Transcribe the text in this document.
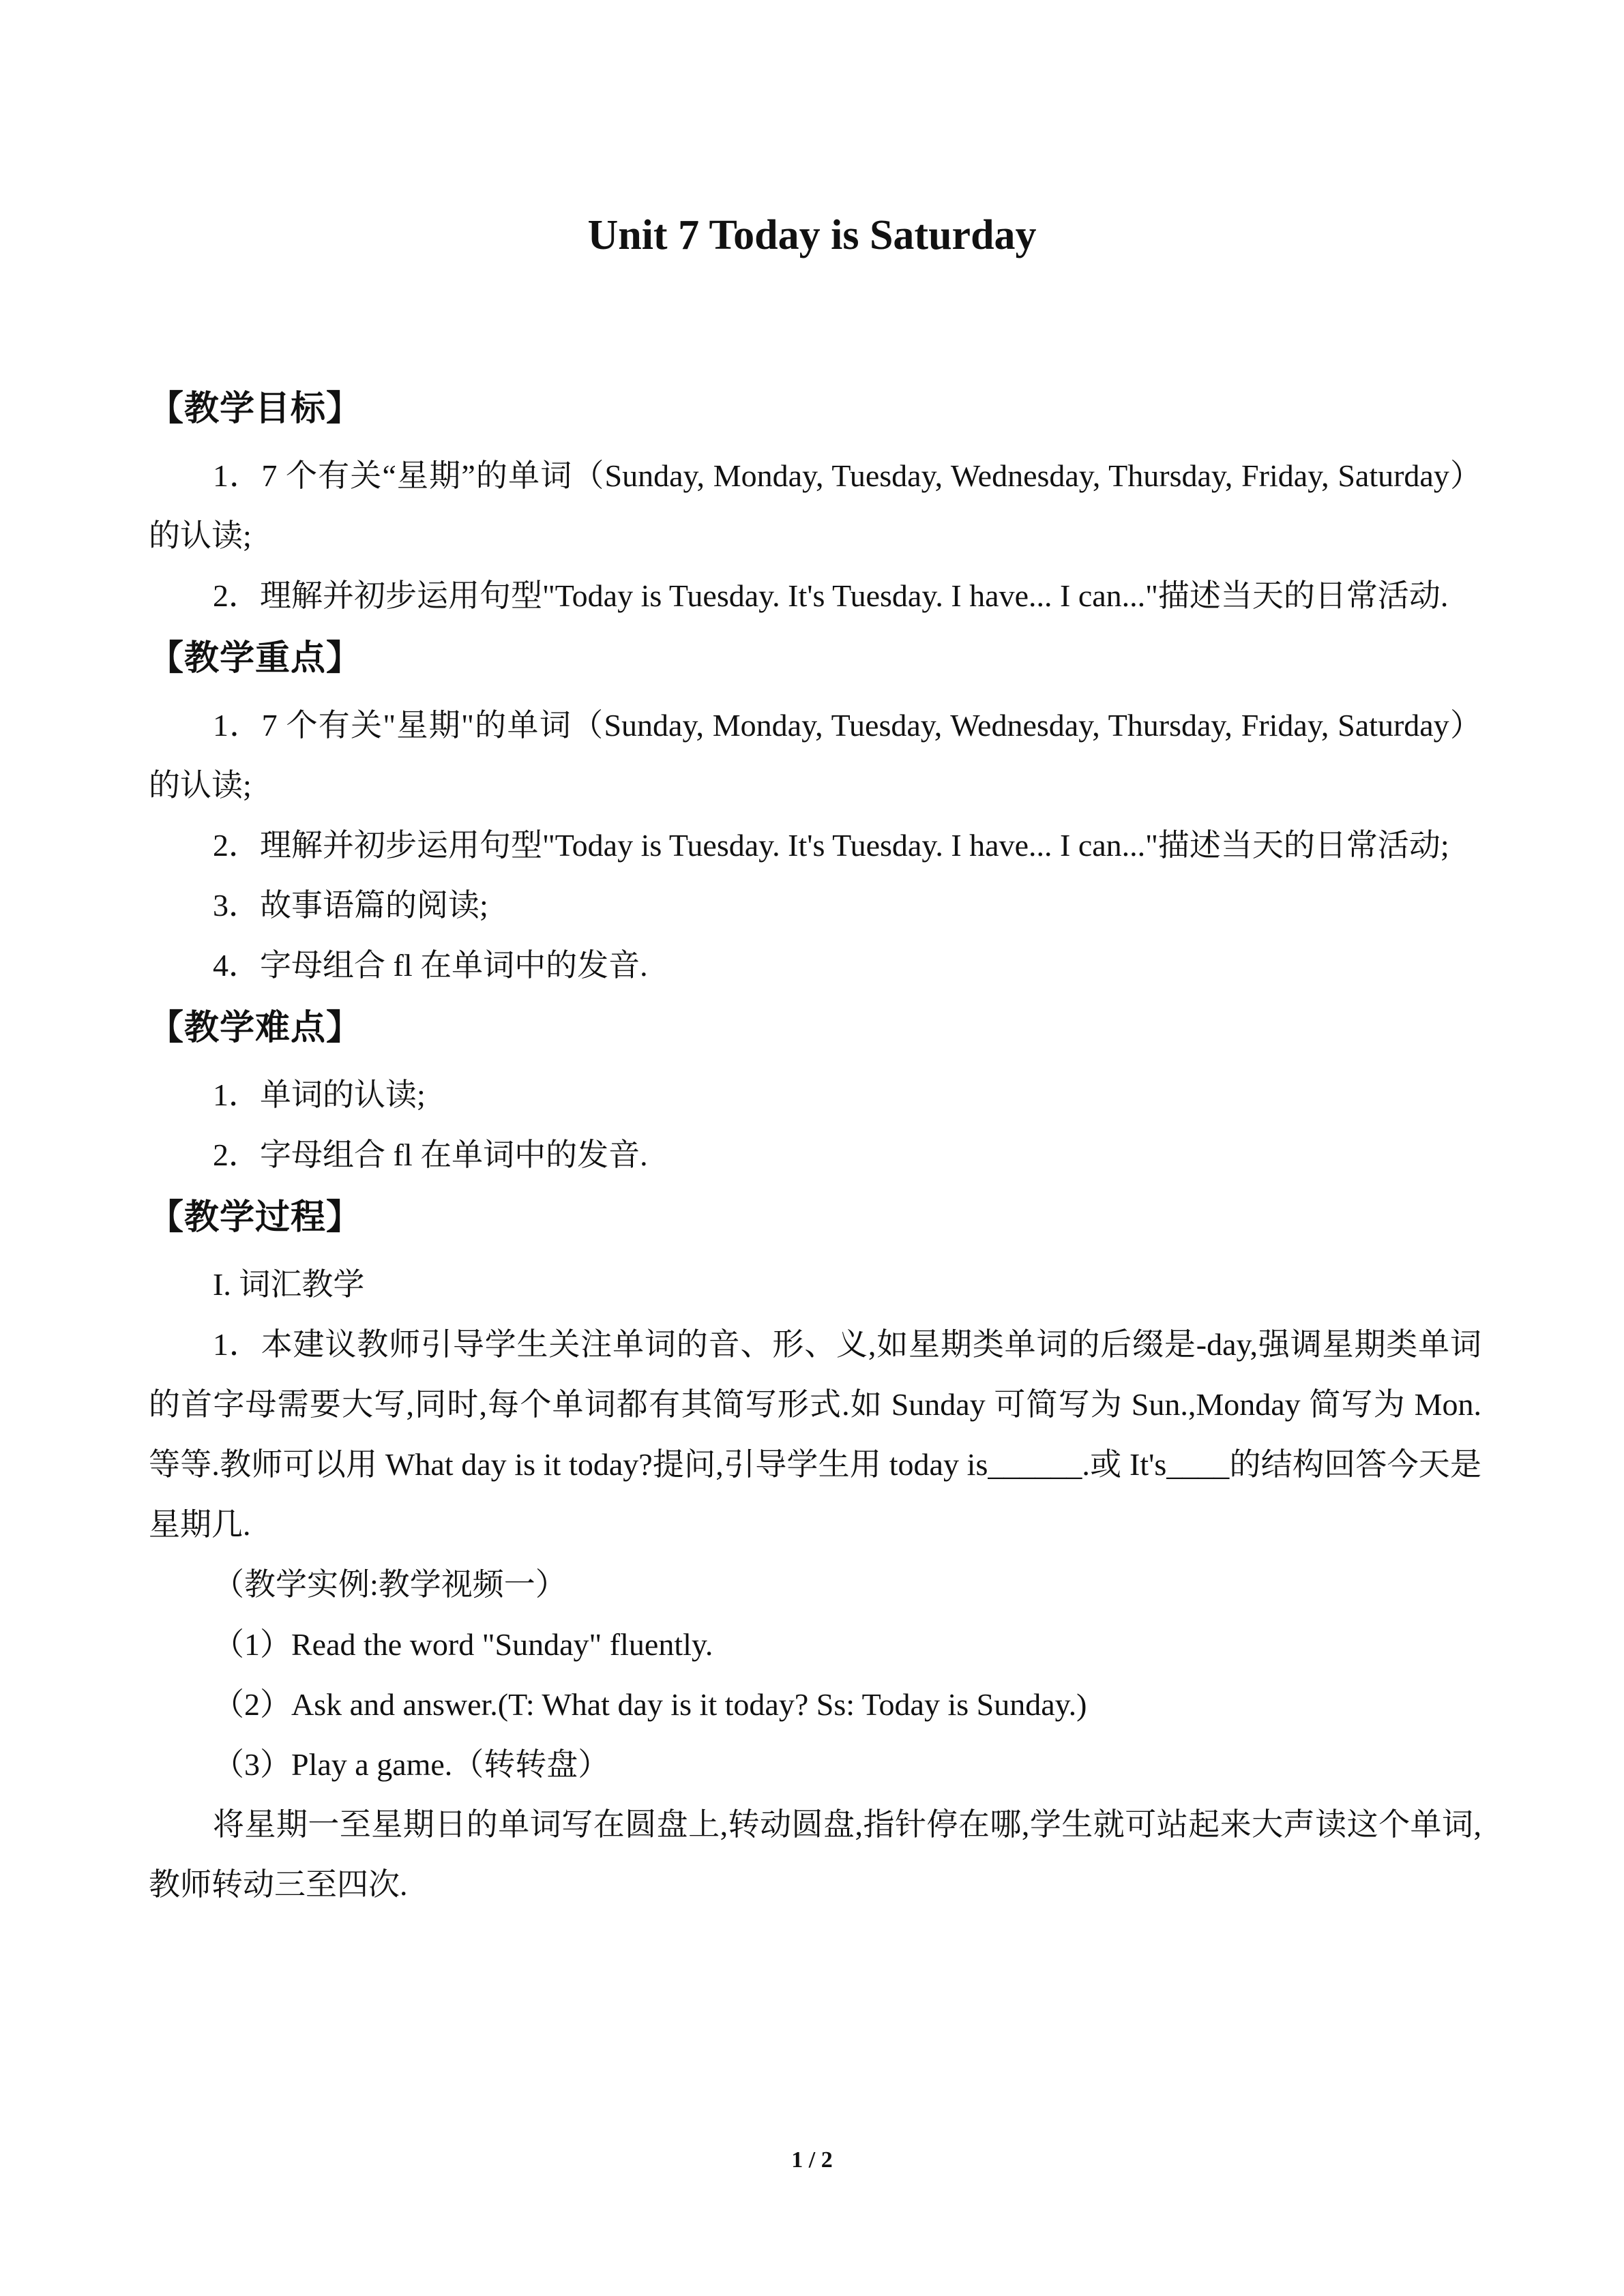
Unit 7 Today is Saturday
【教学目标】

1．7 个有关“星期”的单词（Sunday, Monday, Tuesday, Wednesday, Thursday, Friday, Saturday）的认读;

2．理解并初步运用句型"Today is Tuesday. It's Tuesday. I have... I can..."描述当天的日常活动.

【教学重点】

1．7 个有关"星期"的单词（Sunday, Monday, Tuesday, Wednesday, Thursday, Friday, Saturday）的认读;

2．理解并初步运用句型"Today is Tuesday. It's Tuesday. I have... I can..."描述当天的日常活动;

3．故事语篇的阅读;

4．字母组合 fl 在单词中的发音.

【教学难点】

1．单词的认读;

2．字母组合 fl 在单词中的发音.

【教学过程】

I. 词汇教学

1．本建议教师引导学生关注单词的音、形、义,如星期类单词的后缀是-day,强调星期类单词的首字母需要大写,同时,每个单词都有其简写形式.如 Sunday 可简写为 Sun.,Monday 简写为 Mon.等等.教师可以用 What day is it today?提问,引导学生用 today is______.或 It's____的结构回答今天是星期几.

（教学实例:教学视频一）

（1）Read the word "Sunday" fluently.

（2）Ask and answer.(T: What day is it today? Ss: Today is Sunday.)

（3）Play a game.（转转盘）

将星期一至星期日的单词写在圆盘上,转动圆盘,指针停在哪,学生就可站起来大声读这个单词,教师转动三至四次.

1 / 2
